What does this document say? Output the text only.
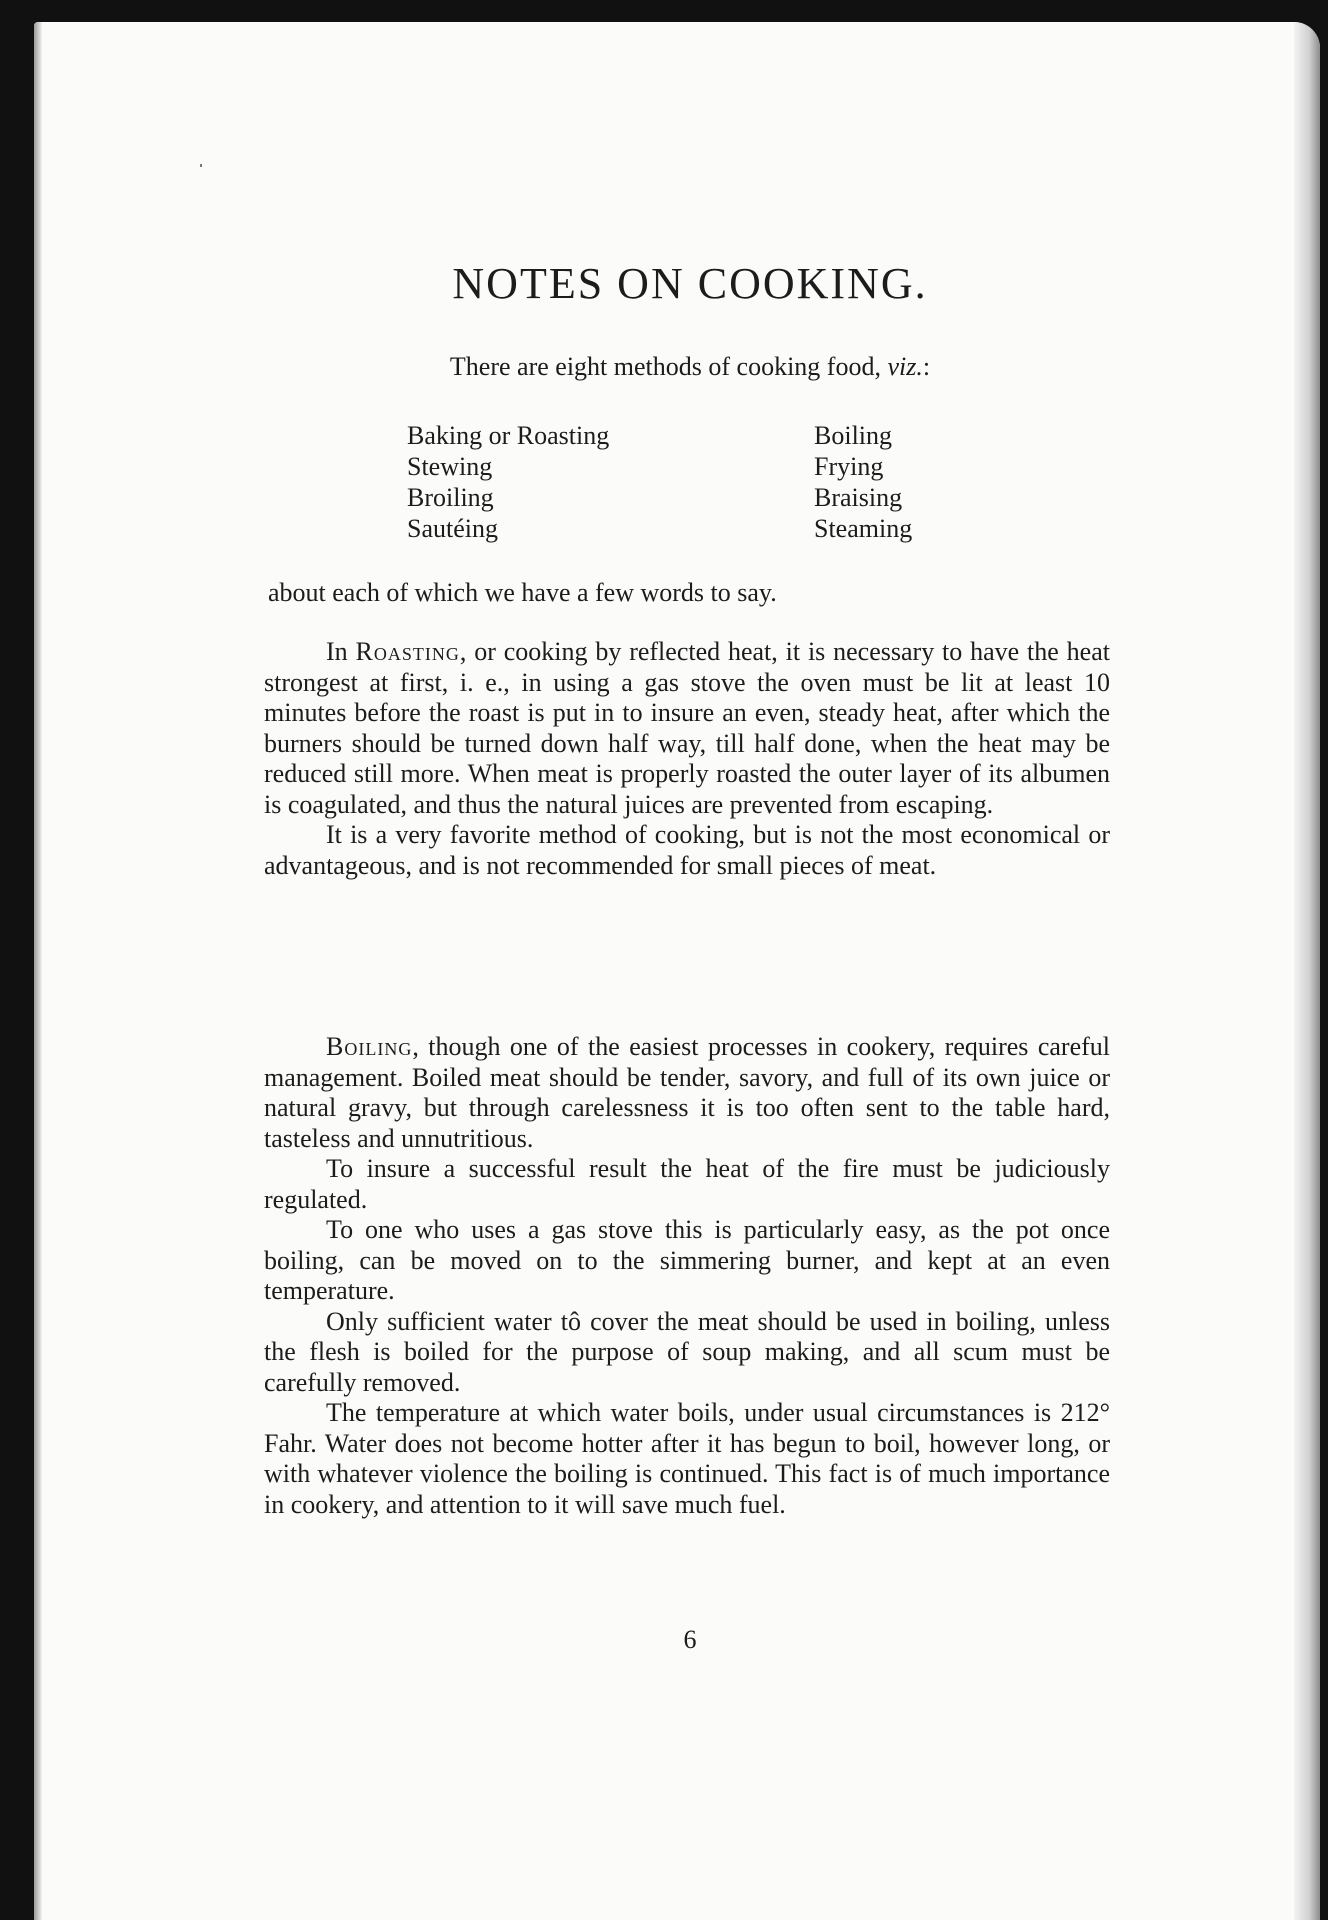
NOTES ON COOKING.
There are eight methods of cooking food, viz.:
Baking or Roasting
Stewing
Broiling
Sautéing
Boiling
Frying
Braising
Steaming
about each of which we have a few words to say.

In Roasting, or cooking by reflected heat, it is necessary to have the heat strongest at first, i. e., in using a gas stove the oven must be lit at least 10 minutes before the roast is put in to insure an even, steady heat, after which the burners should be turned down half way, till half done, when the heat may be reduced still more. When meat is properly roasted the outer layer of its albumen is coagulated, and thus the natural juices are prevented from escaping.

It is a very favorite method of cooking, but is not the most economical or advantageous, and is not recommended for small pieces of meat.

Boiling, though one of the easiest processes in cookery, requires careful management. Boiled meat should be tender, savory, and full of its own juice or natural gravy, but through carelessness it is too often sent to the table hard, tasteless and unnutritious.

To insure a successful result the heat of the fire must be judiciously regulated.

To one who uses a gas stove this is particularly easy, as the pot once boiling, can be moved on to the simmering burner, and kept at an even temperature.

Only sufficient water tô cover the meat should be used in boiling, unless the flesh is boiled for the purpose of soup making, and all scum must be carefully removed.

The temperature at which water boils, under usual circumstances is 212° Fahr. Water does not become hotter after it has begun to boil, however long, or with whatever violence the boiling is continued. This fact is of much importance in cookery, and attention to it will save much fuel.

6
